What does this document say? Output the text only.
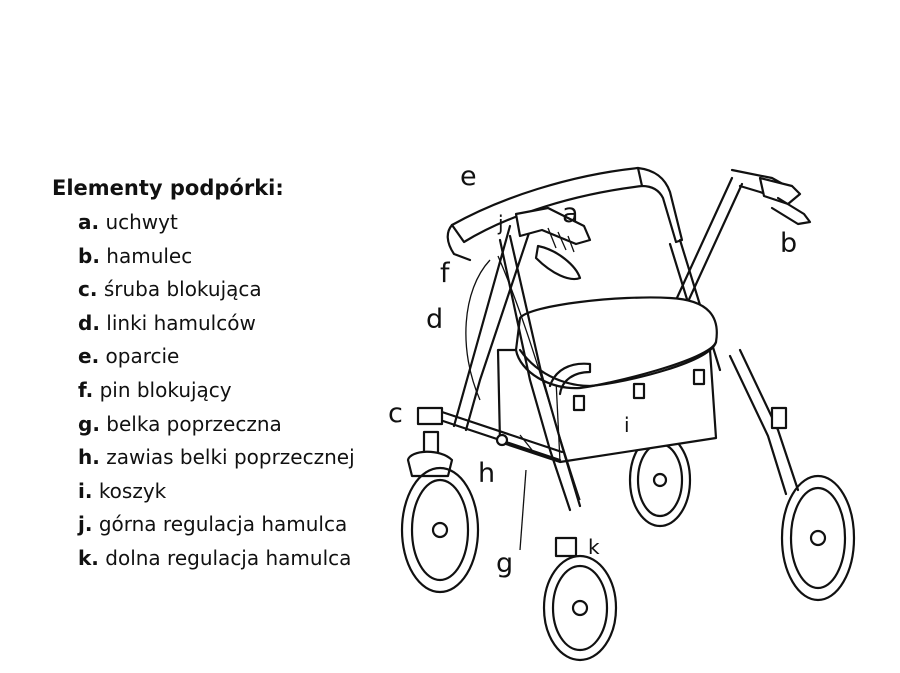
Elementy podpórki:
a. uchwyt
b. hamulec
c. śruba blokująca
d. linki hamulców
e. oparcie
f. pin blokujący
g. belka poprzeczna
h. zawias belki poprzecznej
i. koszyk
j. górna regulacja hamulca
k. dolna regulacja hamulca
e
a
j
b
f
d
c	i
h
k
g
